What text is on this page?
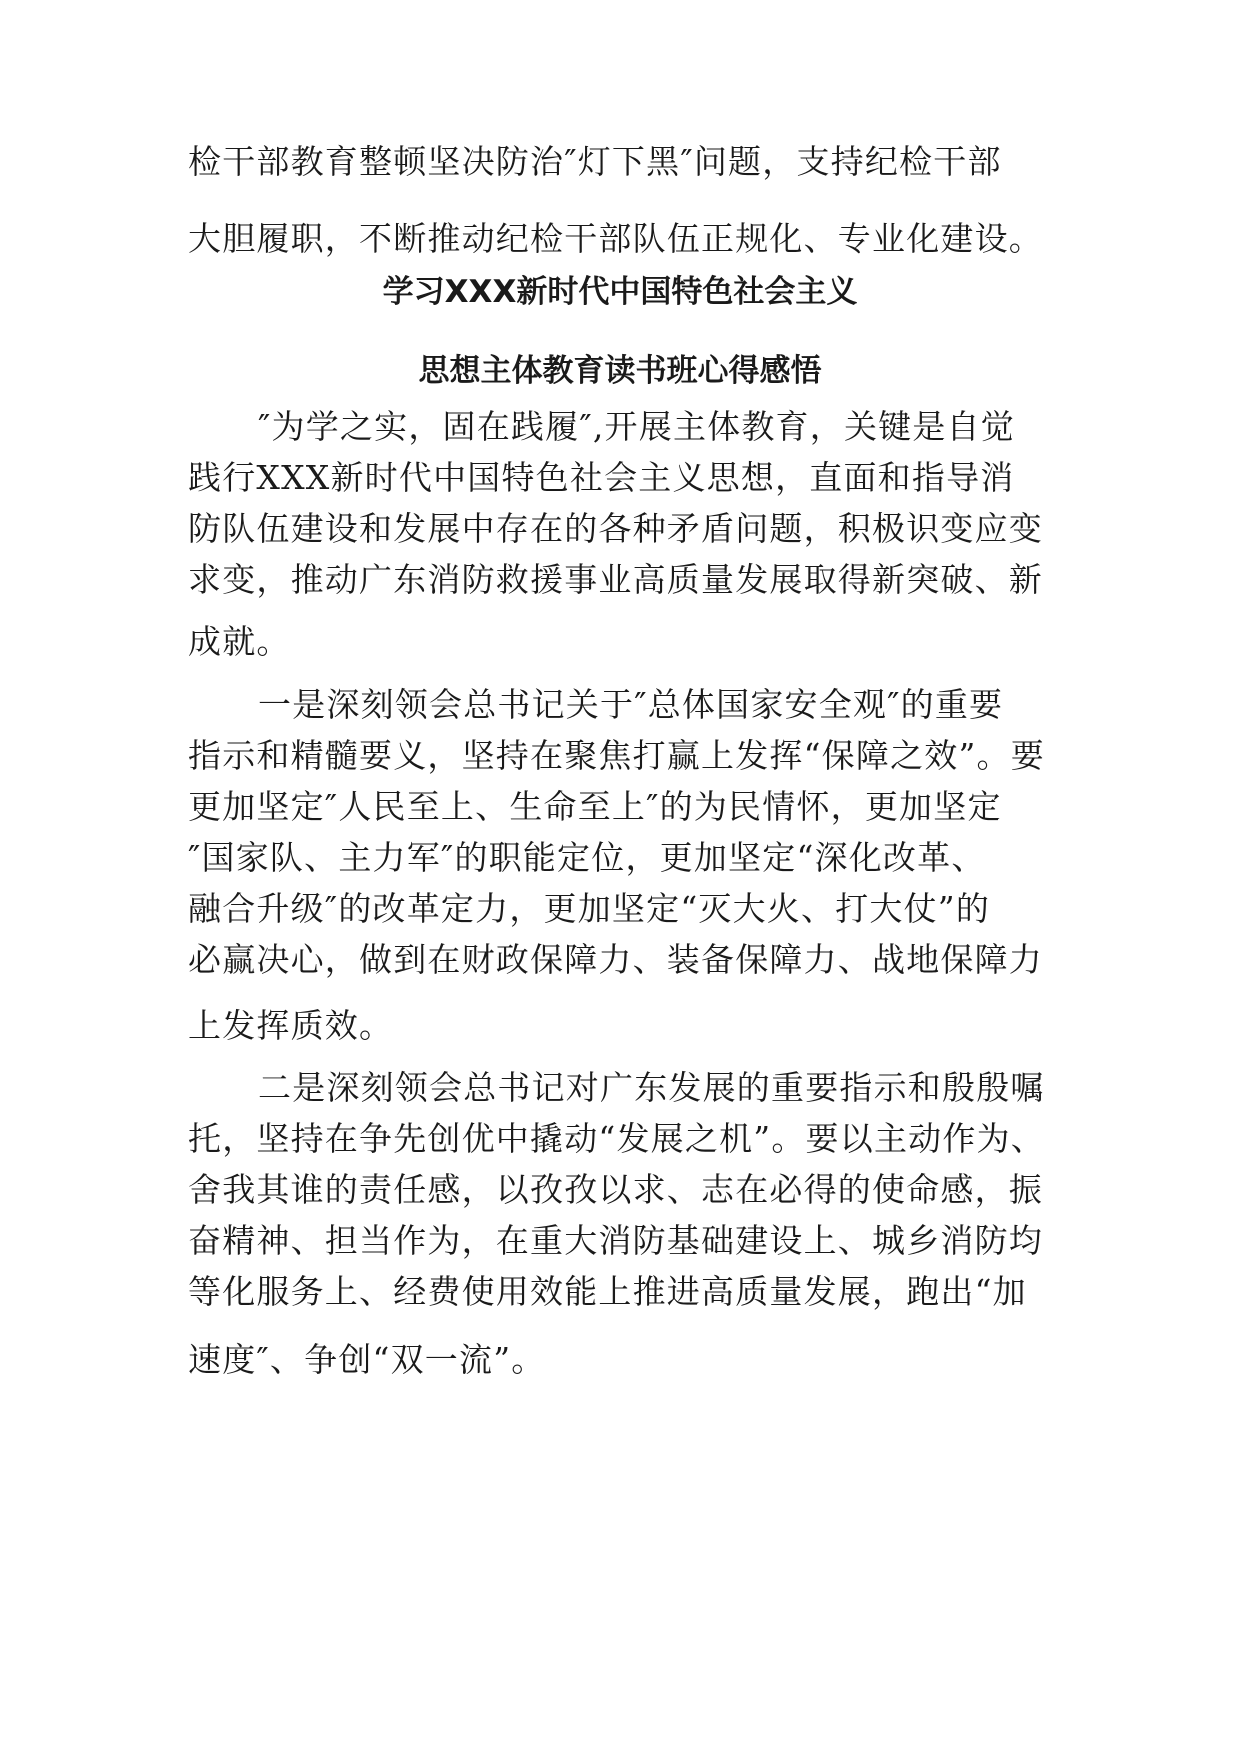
检干部教育整顿坚决防治″灯下黑″问题，支持纪检干部
大胆履职，不断推动纪检干部队伍正规化、专业化建设。
学习XXX新时代中国特色社会主义
思想主体教育读书班心得感悟
″为学之实，固在践履″,开展主体教育，关键是自觉
践行XXX新时代中国特色社会主义思想，直面和指导消
防队伍建设和发展中存在的各种矛盾问题，积极识变应变
求变，推动广东消防救援事业高质量发展取得新突破、新
成就。
一是深刻领会总书记关于″总体国家安全观″的重要
指示和精髓要义，坚持在聚焦打赢上发挥“保障之效”。要
更加坚定″人民至上、生命至上″的为民情怀，更加坚定
″国家队、主力军″的职能定位，更加坚定“深化改革、
融合升级″的改革定力，更加坚定“灭大火、打大仗”的
必赢决心，做到在财政保障力、装备保障力、战地保障力
上发挥质效。
二是深刻领会总书记对广东发展的重要指示和殷殷嘱
托，坚持在争先创优中撬动“发展之机”。要以主动作为、
舍我其谁的责任感，以孜孜以求、志在必得的使命感，振
奋精神、担当作为，在重大消防基础建设上、城乡消防均
等化服务上、经费使用效能上推进高质量发展，跑出“加
速度″、争创“双一流”。
